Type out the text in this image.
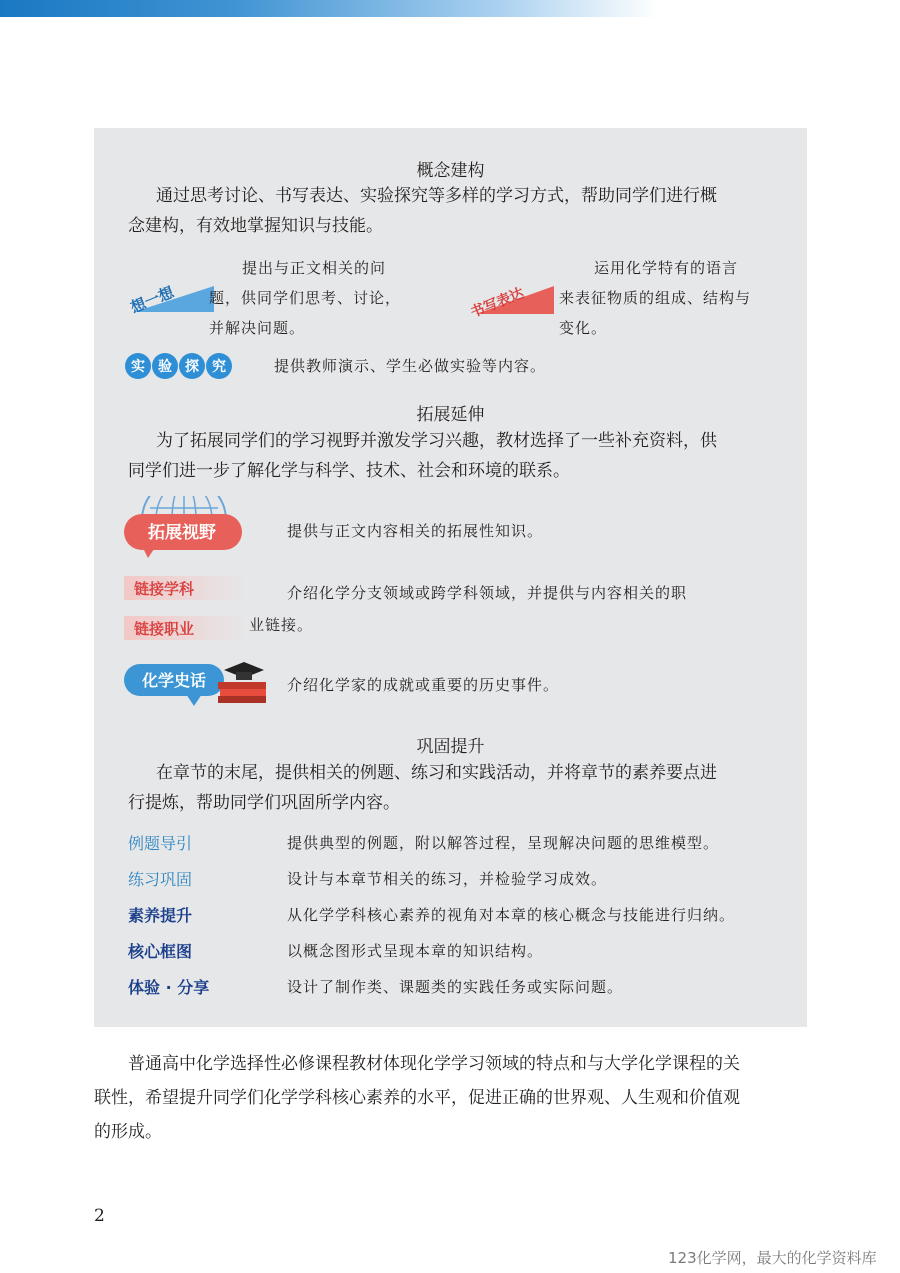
概念建构
通过思考讨论、书写表达、实验探究等多样的学习方式，帮助同学们进行概
念建构，有效地掌握知识与技能。
想一想
提出与正文相关的问
题，供同学们思考、讨论，
并解决问题。
书写表达
运用化学特有的语言
来表征物质的组成、结构与
变化。
实 验 探 究	提供教师演示、学生必做实验等内容。
拓展延伸
为了拓展同学们的学习视野并激发学习兴趣，教材选择了一些补充资料，供
同学们进一步了解化学与科学、技术、社会和环境的联系。
拓展视野	提供与正文内容相关的拓展性知识。
链接学科
链接职业
介绍化学分支领域或跨学科领域，并提供与内容相关的职
业链接。
化学史话	介绍化学家的成就或重要的历史事件。
巩固提升
在章节的末尾，提供相关的例题、练习和实践活动，并将章节的素养要点进
行提炼，帮助同学们巩固所学内容。
例题导引	提供典型的例题，附以解答过程，呈现解决问题的思维模型。
练习巩固	设计与本章节相关的练习，并检验学习成效。
素养提升	从化学学科核心素养的视角对本章的核心概念与技能进行归纳。
核心框图	以概念图形式呈现本章的知识结构。
体验 · 分享	设计了制作类、课题类的实践任务或实际问题。
普通高中化学选择性必修课程教材体现化学学习领域的特点和与大学化学课程的关
联性，希望提升同学们化学学科核心素养的水平，促进正确的世界观、人生观和价值观
的形成。
2
123化学网，最大的化学资料库
